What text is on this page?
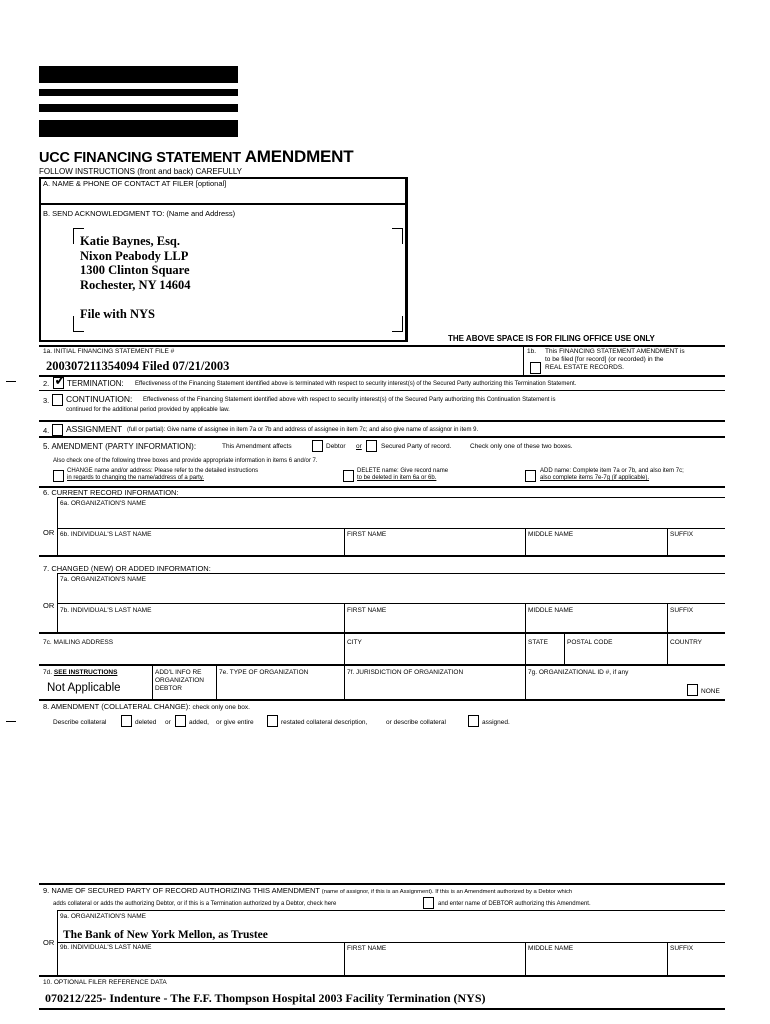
UCC FINANCING STATEMENT AMENDMENT
FOLLOW INSTRUCTIONS (front and back) CAREFULLY
A. NAME & PHONE OF CONTACT AT FILER [optional]
B. SEND ACKNOWLEDGMENT TO: (Name and Address)
Katie Baynes, Esq.
Nixon Peabody LLP
1300 Clinton Square
Rochester, NY 14604
File with NYS
THE ABOVE SPACE IS FOR FILING OFFICE USE ONLY
1a. INITIAL FINANCING STATEMENT FILE #
200307211354094 Filed 07/21/2003
1b. This FINANCING STATEMENT AMENDMENT is
to be filed [for record] (or recorded) in the
REAL ESTATE RECORDS.
2. ✓ TERMINATION: Effectiveness of the Financing Statement identified above is terminated with respect to security interest(s) of the Secured Party authorizing this Termination Statement.
3. CONTINUATION: Effectiveness of the Financing Statement identified above with respect to security interest(s) of the Secured Party authorizing this Continuation Statement is
continued for the additional period provided by applicable law.
4. ASSIGNMENT (full or partial): Give name of assignee in item 7a or 7b and address of assignee in item 7c; and also give name of assignor in item 9.
5. AMENDMENT (PARTY INFORMATION):	This Amendment affects	Debtor or	Secured Party of record.	Check only one of these two boxes.
Also check one of the following three boxes and provide appropriate information in items 6 and/or 7.
CHANGE name and/or address: Please refer to the detailed instructions
in regards to changing the name/address of a party.
DELETE name: Give record name
to be deleted in item 6a or 6b.
ADD name: Complete item 7a or 7b, and also item 7c;
also complete items 7e-7g (if applicable).
6. CURRENT RECORD INFORMATION:
6a. ORGANIZATION'S NAME
OR 6b. INDIVIDUAL'S LAST NAME	FIRST NAME	MIDDLE NAME	SUFFIX
7. CHANGED (NEW) OR ADDED INFORMATION:
7a. ORGANIZATION'S NAME
OR
7b. INDIVIDUAL'S LAST NAME	FIRST NAME	MIDDLE NAME	SUFFIX
7c. MAILING ADDRESS	CITY	STATE	POSTAL CODE	COUNTRY
7d. SEE INSTRUCTIONS
Not Applicable
ADD'L INFO RE
ORGANIZATION
DEBTOR
7e. TYPE OF ORGANIZATION	7f. JURISDICTION OF ORGANIZATION	7g. ORGANIZATIONAL ID #, if any
NONE
8. AMENDMENT (COLLATERAL CHANGE): check only one box.
Describe collateral	deleted or	added, or give entire	restated collateral description,	or describe collateral	assigned.
9. NAME OF SECURED PARTY OF RECORD AUTHORIZING THIS AMENDMENT (name of assignor, if this is an Assignment). If this is an Amendment authorized by a Debtor which
adds collateral or adds the authorizing Debtor, or if this is a Termination authorized by a Debtor, check here	and enter name of DEBTOR authorizing this Amendment.
9a. ORGANIZATION'S NAME
The Bank of New York Mellon, as Trustee
OR
9b. INDIVIDUAL'S LAST NAME	FIRST NAME	MIDDLE NAME	SUFFIX
10. OPTIONAL FILER REFERENCE DATA
070212/225- Indenture - The F.F. Thompson Hospital 2003 Facility Termination (NYS)
